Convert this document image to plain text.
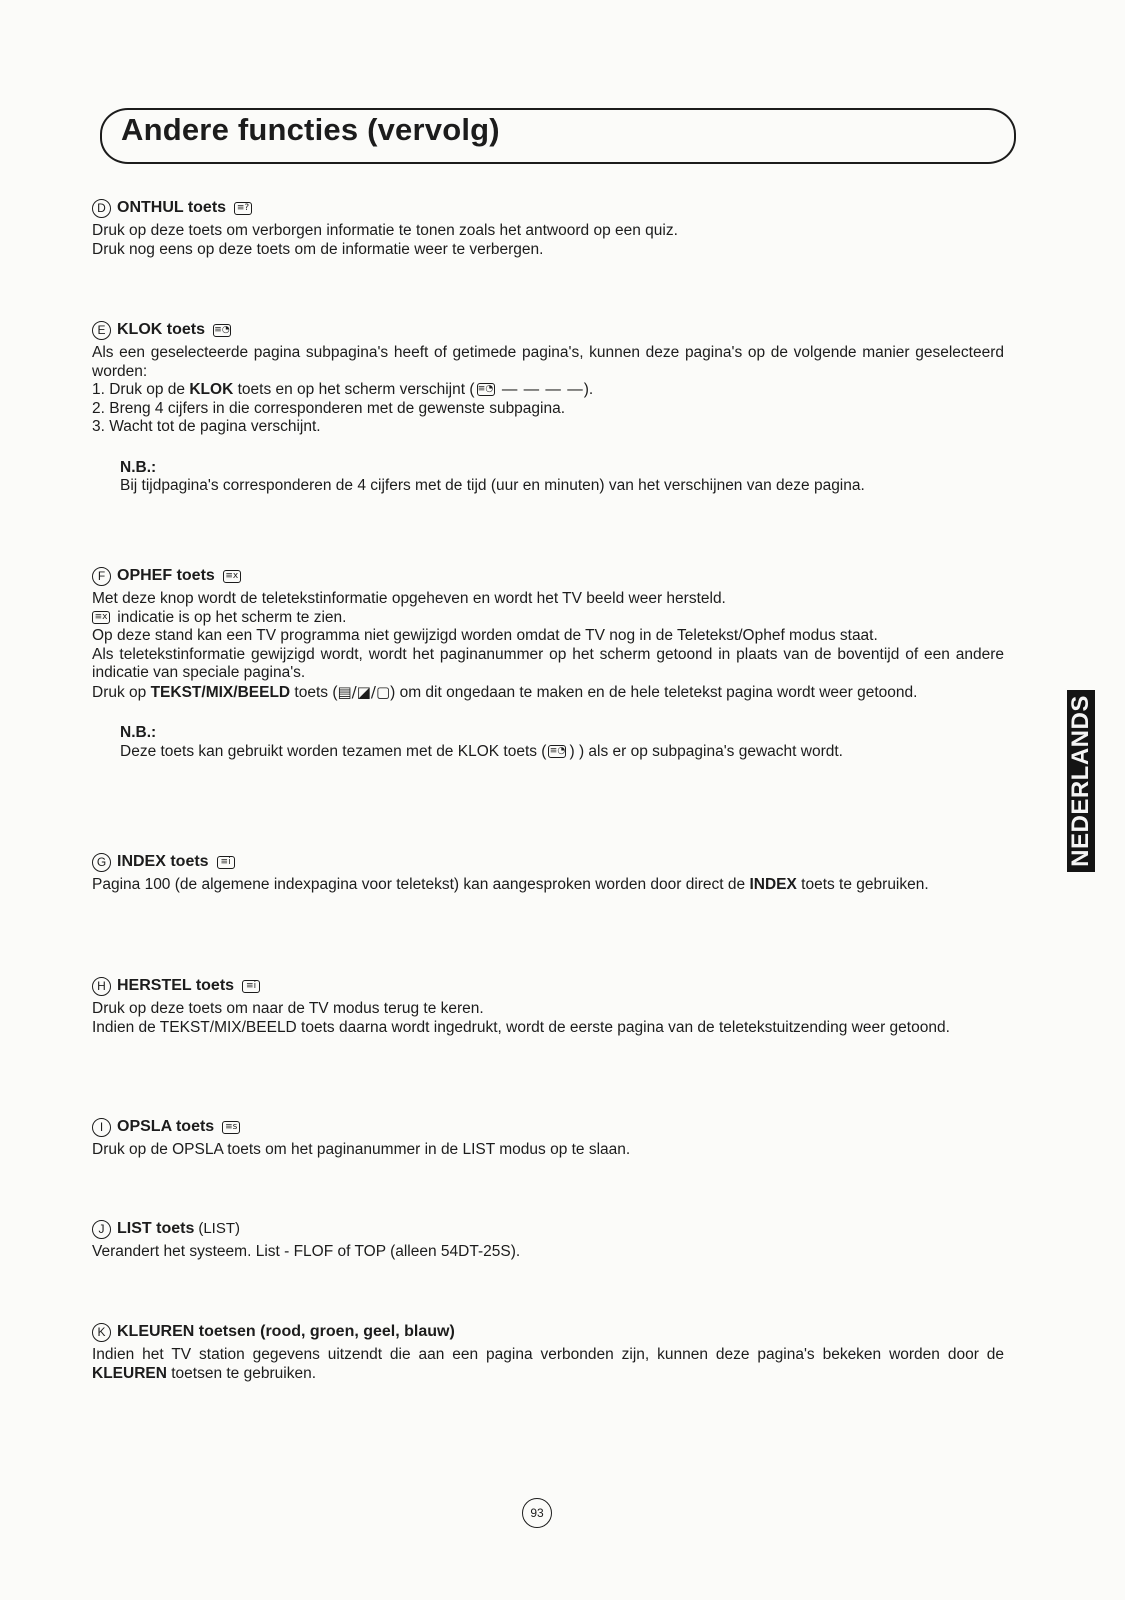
Andere functies (vervolg)
D ONTHUL toets	≡?

Druk op deze toets om verborgen informatie te tonen zoals het antwoord op een quiz.

Druk nog eens op deze toets om de informatie weer te verbergen.

E KLOK toets ≡◔

Als een geselecteerde pagina subpagina's heeft of getimede pagina's, kunnen deze pagina's op de volgende manier geselecteerd worden:

1. Druk op de KLOK toets en op het scherm verschijnt ( ≡◔ — — — —).

2. Breng 4 cijfers in die corresponderen met de gewenste subpagina.

3. Wacht tot de pagina verschijnt.

N.B.:

Bij tijdpagina's corresponderen de 4 cijfers met de tijd (uur en minuten) van het verschijnen van deze pagina.

F OPHEF toets ≡x

Met deze knop wordt de teletekstinformatie opgeheven en wordt het TV beeld weer hersteld.

≡x indicatie is op het scherm te zien.

Op deze stand kan een TV programma niet gewijzigd worden omdat de TV nog in de Teletekst/Ophef modus staat.

Als teletekstinformatie gewijzigd wordt, wordt het paginanummer op het scherm getoond in plaats van de boventijd of een andere indicatie van speciale pagina's.

Druk op TEKST/MIX/BEELD toets (▤/◪/▢) om dit ongedaan te maken en de hele teletekst pagina wordt weer getoond.

N.B.:

Deze toets kan gebruikt worden tezamen met de KLOK toets ( ≡◔ ) ) als er op subpagina's gewacht wordt.

G INDEX toets	≡i

Pagina 100 (de algemene indexpagina voor teletekst) kan aangesproken worden door direct de INDEX toets te gebruiken.

H HERSTEL toets	≡i

Druk op deze toets om naar de TV modus terug te keren.

Indien de TEKST/MIX/BEELD toets daarna wordt ingedrukt, wordt de eerste pagina van de teletekstuitzending weer getoond.

I OPSLA toets	≡s

Druk op de OPSLA toets om het paginanummer in de LIST modus op te slaan.

J LIST toets (LIST)

Verandert het systeem. List - FLOF of TOP (alleen 54DT-25S).

K KLEUREN toetsen (rood, groen, geel, blauw)

Indien het TV station gegevens uitzendt die aan een pagina verbonden zijn, kunnen deze pagina's bekeken worden door de KLEUREN toetsen te gebruiken.

NEDERLANDS
93
